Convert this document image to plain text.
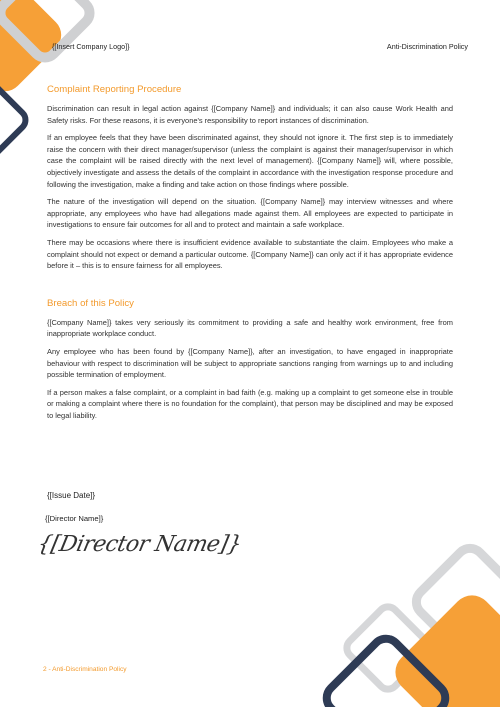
{[Insert Company Logo]}	Anti-Discrimination Policy
Complaint Reporting Procedure

Discrimination can result in legal action against {[Company Name]} and individuals; it can also cause Work Health and Safety risks. For these reasons, it is everyone's responsibility to report instances of discrimination.

If an employee feels that they have been discriminated against, they should not ignore it. The first step is to immediately raise the concern with their direct manager/supervisor (unless the complaint is against their manager/supervisor in which case the complaint will be raised directly with the next level of management). {[Company Name]} will, where possible, objectively investigate and assess the details of the complaint in accordance with the investigation response procedure and following the investigation, make a finding and take action on those findings where possible.

The nature of the investigation will depend on the situation. {[Company Name]} may interview witnesses and where appropriate, any employees who have had allegations made against them. All employees are expected to participate in investigations to ensure fair outcomes for all and to protect and maintain a safe workplace.

There may be occasions where there is insufficient evidence available to substantiate the claim. Employees who make a complaint should not expect or demand a particular outcome. {[Company Name]} can only act if it has appropriate evidence before it – this is to ensure fairness for all employees.

Breach of this Policy

{[Company Name]} takes very seriously its commitment to providing a safe and healthy work environment, free from inappropriate workplace conduct.

Any employee who has been found by {[Company Name]}, after an investigation, to have engaged in inappropriate behaviour with respect to discrimination will be subject to appropriate sanctions ranging from warnings up to and including possible termination of employment.

If a person makes a false complaint, or a complaint in bad faith (e.g. making up a complaint to get someone else in trouble or making a complaint where there is no foundation for the complaint), that person may be disciplined and may be exposed to legal liability.

{[Issue Date]}
{[Director Name]}
{[Director Name]}
2 - Anti-Discrimination Policy
